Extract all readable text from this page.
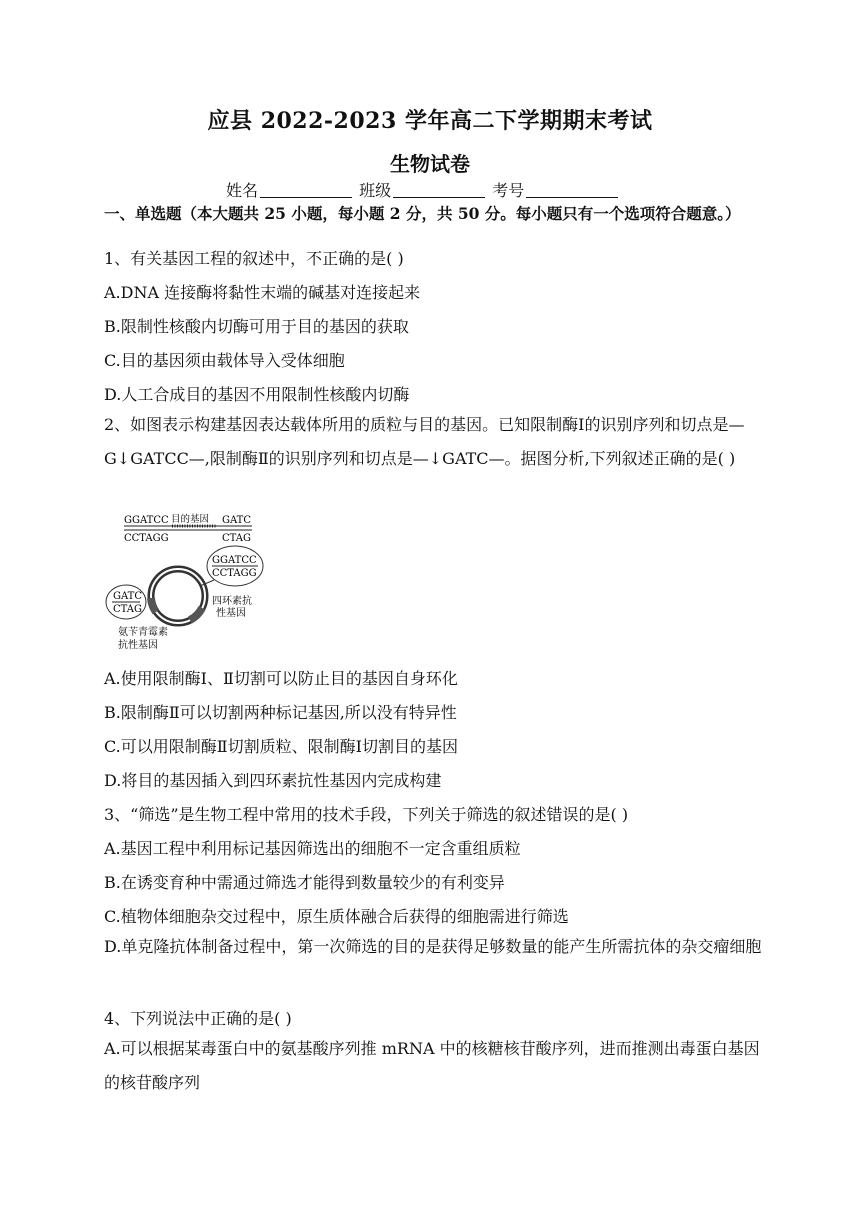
应县 2022-2023 学年高二下学期期末考试
生物试卷
姓名	班级	考号
一、单选题（本大题共 25 小题，每小题 2 分，共 50 分。每小题只有一个选项符合题意。）
1、有关基因工程的叙述中，不正确的是( )
A.DNA 连接酶将黏性末端的碱基对连接起来
B.限制性核酸内切酶可用于目的基因的获取
C.目的基因须由载体导入受体细胞
D.人工合成目的基因不用限制性核酸内切酶
2、如图表示构建基因表达载体所用的质粒与目的基因。已知限制酶Ⅰ的识别序列和切点是—G↓GATCC—,限制酶Ⅱ的识别序列和切点是—↓GATC—。据图分析,下列叙述正确的是( )
GGATCC 目的基因 GATC
CCTAGG	CTAG
GGATCC
CCTAGG
GATC
CTAG
四环素抗
性基因
氨苄青霉素
抗性基因
A.使用限制酶Ⅰ、Ⅱ切割可以防止目的基因自身环化
B.限制酶Ⅱ可以切割两种标记基因,所以没有特异性
C.可以用限制酶Ⅱ切割质粒、限制酶Ⅰ切割目的基因
D.将目的基因插入到四环素抗性基因内完成构建
3、“筛选”是生物工程中常用的技术手段，下列关于筛选的叙述错误的是( )
A.基因工程中利用标记基因筛选出的细胞不一定含重组质粒
B.在诱变育种中需通过筛选才能得到数量较少的有利变异
C.植物体细胞杂交过程中，原生质体融合后获得的细胞需进行筛选
D.单克隆抗体制备过程中，第一次筛选的目的是获得足够数量的能产生所需抗体的杂交瘤细胞
4、下列说法中正确的是( )
A.可以根据某毒蛋白中的氨基酸序列推 mRNA 中的核糖核苷酸序列，进而推测出毒蛋白基因的核苷酸序列
